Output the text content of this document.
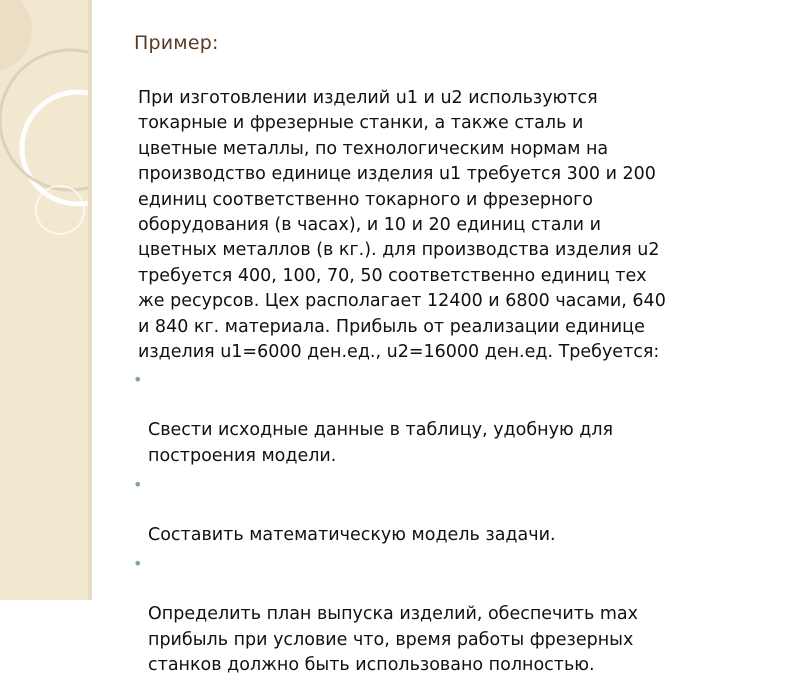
Пример:

При изготовлении изделий u1 и u2 используются
токарные и фрезерные станки, а также сталь и
цветные металлы, по технологическим нормам на
производство единице изделия u1 требуется 300 и 200
единиц соответственно токарного и фрезерного
оборудования (в часах), и 10 и 20 единиц стали и
цветных металлов (в кг.). для производства изделия u2
требуется 400, 100, 70, 50 соответственно единиц тех
же ресурсов. Цех располагает 12400 и 6800 часами, 640
и 840 кг. материала. Прибыль от реализации единице
изделия u1=6000 ден.ед., u2=16000 ден.ед. Требуется:

•

Свести исходные данные в таблицу, удобную для
построения модели.

•

Составить математическую модель задачи.

•

Определить план выпуска изделий, обеспечить max
прибыль при условие что, время работы фрезерных
станков должно быть использовано полностью.
